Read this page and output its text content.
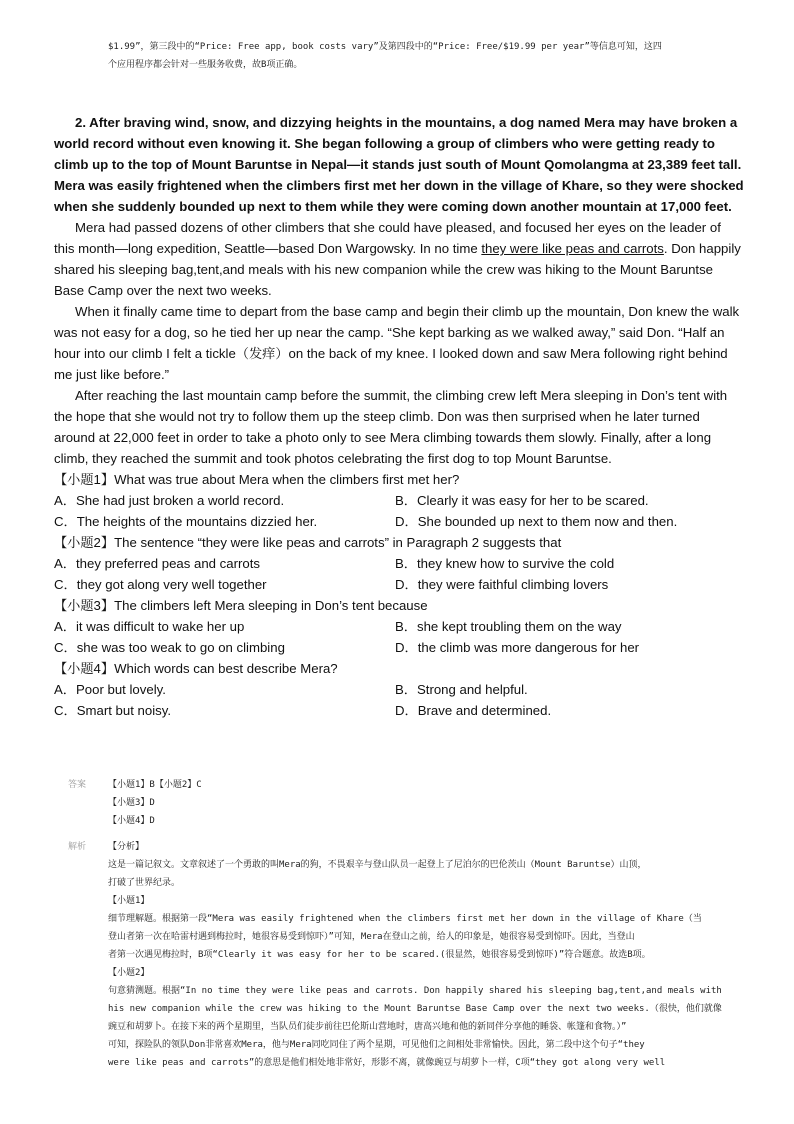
$1.99”，第三段中的“Price: Free app, book costs vary”及第四段中的“Price: Free/$19.99 per year”等信息可知，这四

个应用程序都会针对一些服务收费，故B项正确。

2. After braving wind, snow, and dizzying heights in the mountains, a dog named Mera may have broken a world record without even knowing it. She began following a group of climbers who were getting ready to climb up to the top of Mount Baruntse in Nepal—it stands just south of Mount Qomolangma at 23,389 feet tall. Mera was easily frightened when the climbers first met her down in the village of Khare, so they were shocked when she suddenly bounded up next to them while they were coming down another mountain at 17,000 feet.

Mera had passed dozens of other climbers that she could have pleased, and focused her eyes on the leader of this month—long expedition, Seattle—based Don Wargowsky. In no time they were like peas and carrots. Don happily shared his sleeping bag,tent,and meals with his new companion while the crew was hiking to the Mount Baruntse Base Camp over the next two weeks.

When it finally came time to depart from the base camp and begin their climb up the mountain, Don knew the walk was not easy for a dog, so he tied her up near the camp. “She kept barking as we walked away,” said Don. “Half an hour into our climb I felt a tickle（发痒）on the back of my knee. I looked down and saw Mera following right behind me just like before.”

After reaching the last mountain camp before the summit, the climbing crew left Mera sleeping in Don’s tent with the hope that she would not try to follow them up the steep climb. Don was then surprised when he later turned around at 22,000 feet in order to take a photo only to see Mera climbing towards them slowly. Finally, after a long climb, they reached the summit and took photos celebrating the first dog to top Mount Baruntse.

【小题1】What was true about Mera when the climbers first met her?

A．She had just broken a world record.	B．Clearly it was easy for her to be scared.
C．The heights of the mountains dizzied her.	D．She bounded up next to them now and then.

【小题2】The sentence “they were like peas and carrots” in Paragraph 2 suggests that

A．they preferred peas and carrots	B．they knew how to survive the cold
C．they got along very well together	D．they were faithful climbing lovers

【小题3】The climbers left Mera sleeping in Don’s tent because

A．it was difficult to wake her up	B．she kept troubling them on the way
C．she was too weak to go on climbing	D．the climb was more dangerous for her

【小题4】Which words can best describe Mera?

A．Poor but lovely.	B．Strong and helpful.
C．Smart but noisy.	D．Brave and determined.
答案 【小题1】B【小题2】C

【小题3】D

【小题4】D

解析 【分析】

这是一篇记叙文。文章叙述了一个勇敢的叫Mera的狗，不畏艰辛与登山队员一起登上了尼泊尔的巴伦茨山（Mount Baruntse）山顶，

打破了世界纪录。

【小题1】

细节理解题。根据第一段“Mera was easily frightened when the climbers first met her down in the village of Khare（当

登山者第一次在哈雷村遇到梅拉时，她很容易受到惊吓）”可知，Mera在登山之前，给人的印象是，她很容易受到惊吓。因此，当登山

者第一次遇见梅拉时，B项“Clearly it was easy for her to be scared.(很显然，她很容易受到惊吓)”符合题意。故选B项。

【小题2】

句意猜测题。根据“In no time they were like peas and carrots. Don happily shared his sleeping bag,tent,and meals with

his new companion while the crew was hiking to the Mount Baruntse Base Camp over the next two weeks.（很快，他们就像

豌豆和胡萝卜。在接下来的两个星期里，当队员们徒步前往巴伦斯山营地时，唐高兴地和他的新同伴分享他的睡袋、帐篷和食物。）”

可知，探险队的领队Don非常喜欢Mera，他与Mera同吃同住了两个星期，可见他们之间相处非常愉快。因此，第二段中这个句子“they

were like peas and carrots”的意思是他们相处地非常好，形影不离，就像豌豆与胡萝卜一样，C项“they got along very well
